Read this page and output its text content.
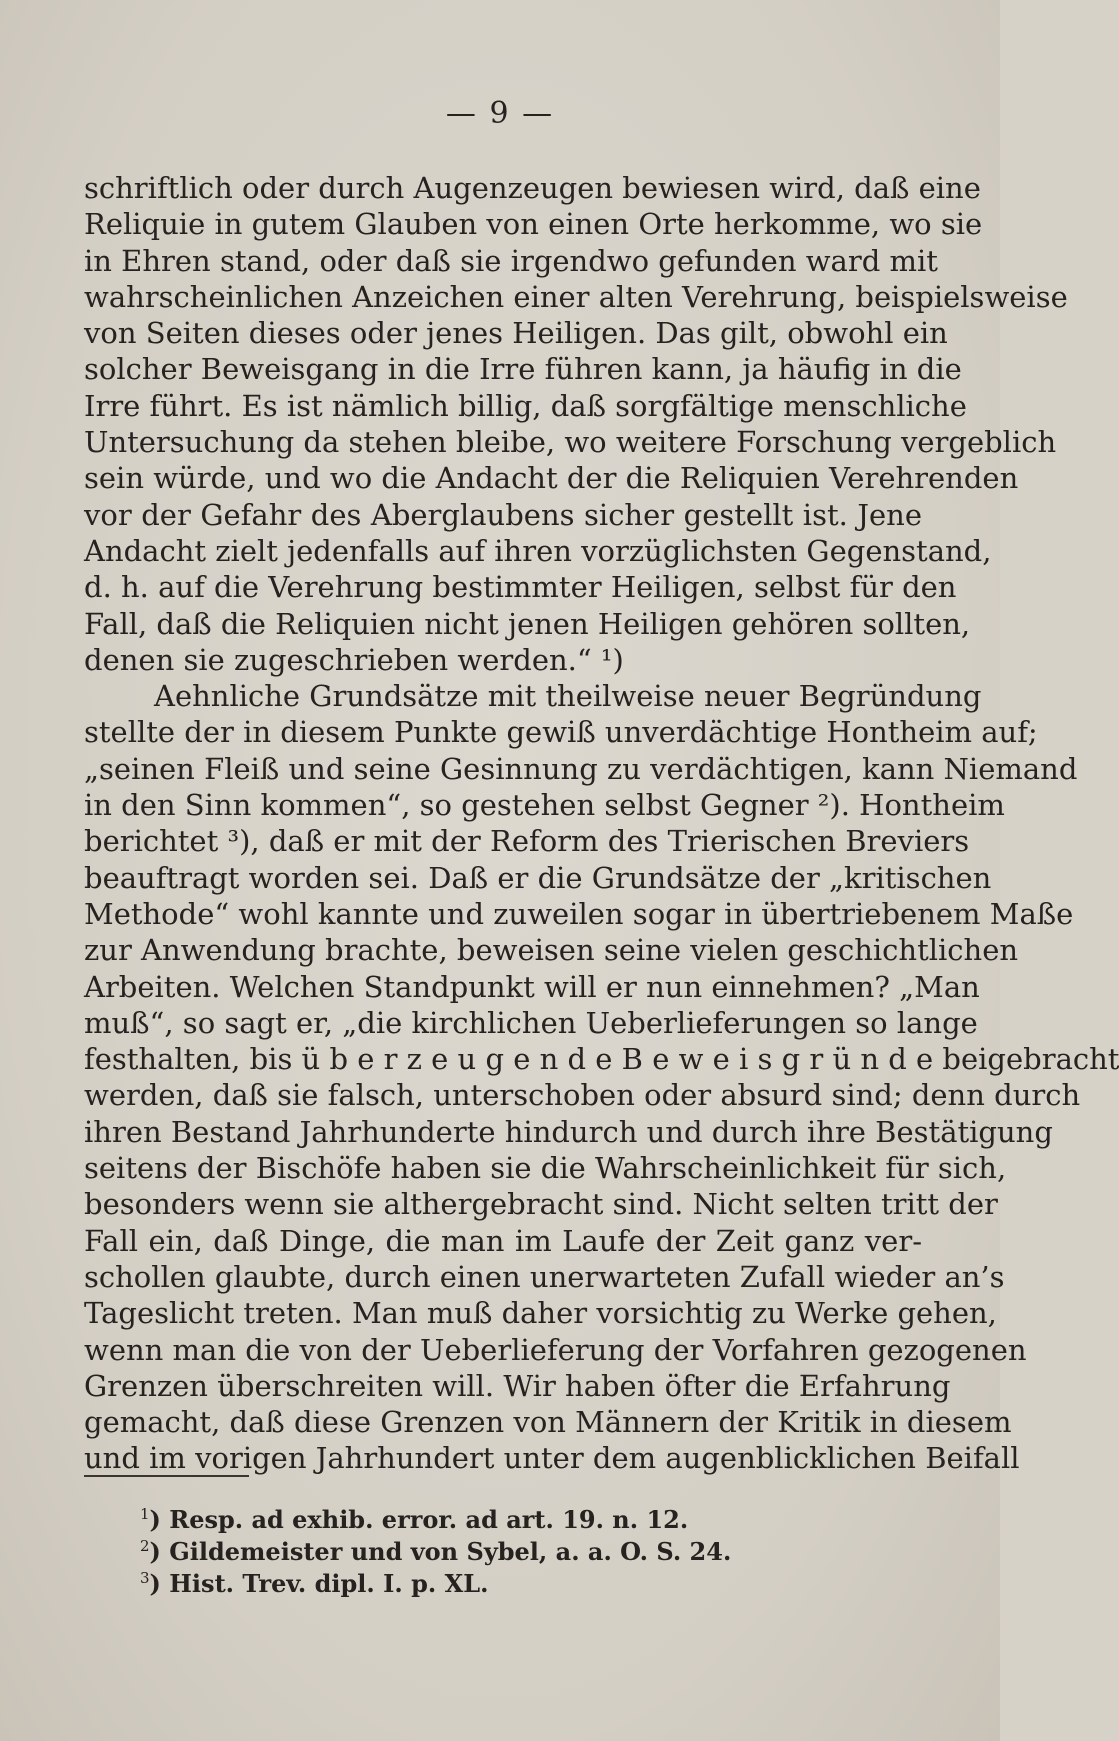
— 9 —
schriftlich oder durch Augenzeugen bewiesen wird, daß eine
Reliquie in gutem Glauben von einen Orte herkomme, wo sie
in Ehren stand, oder daß sie irgendwo gefunden ward mit
wahrscheinlichen Anzeichen einer alten Verehrung, beispielsweise
von Seiten dieses oder jenes Heiligen. Das gilt, obwohl ein
solcher Beweisgang in die Irre führen kann, ja häufig in die
Irre führt. Es ist nämlich billig, daß sorgfältige menschliche
Untersuchung da stehen bleibe, wo weitere Forschung vergeblich
sein würde, und wo die Andacht der die Reliquien Verehrenden
vor der Gefahr des Aberglaubens sicher gestellt ist. Jene
Andacht zielt jedenfalls auf ihren vorzüglichsten Gegenstand,
d. h. auf die Verehrung bestimmter Heiligen, selbst für den
Fall, daß die Reliquien nicht jenen Heiligen gehören sollten,
denen sie zugeschrieben werden.“ ¹)
Aehnliche Grundsätze mit theilweise neuer Begründung
stellte der in diesem Punkte gewiß unverdächtige Hontheim auf;
„seinen Fleiß und seine Gesinnung zu verdächtigen, kann Niemand
in den Sinn kommen“, so gestehen selbst Gegner ²). Hontheim
berichtet ³), daß er mit der Reform des Trierischen Breviers
beauftragt worden sei. Daß er die Grundsätze der „kritischen
Methode“ wohl kannte und zuweilen sogar in übertriebenem Maße
zur Anwendung brachte, beweisen seine vielen geschichtlichen
Arbeiten. Welchen Standpunkt will er nun einnehmen? „Man
muß“, so sagt er, „die kirchlichen Ueberlieferungen so lange
festhalten, bis ü b e r z e u g e n d e B e w e i s g r ü n d e beigebracht
werden, daß sie falsch, unterschoben oder absurd sind; denn durch
ihren Bestand Jahrhunderte hindurch und durch ihre Bestätigung
seitens der Bischöfe haben sie die Wahrscheinlichkeit für sich,
besonders wenn sie althergebracht sind. Nicht selten tritt der
Fall ein, daß Dinge, die man im Laufe der Zeit ganz ver-
schollen glaubte, durch einen unerwarteten Zufall wieder an’s
Tageslicht treten. Man muß daher vorsichtig zu Werke gehen,
wenn man die von der Ueberlieferung der Vorfahren gezogenen
Grenzen überschreiten will. Wir haben öfter die Erfahrung
gemacht, daß diese Grenzen von Männern der Kritik in diesem
und im vorigen Jahrhundert unter dem augenblicklichen Beifall
$^1$) Resp. ad exhib. error. ad art. 19. n. 12.
$^2$) Gildemeister und von Sybel, a. a. O. S. 24.
$^3$) Hist. Trev. dipl. I. p. XL.
